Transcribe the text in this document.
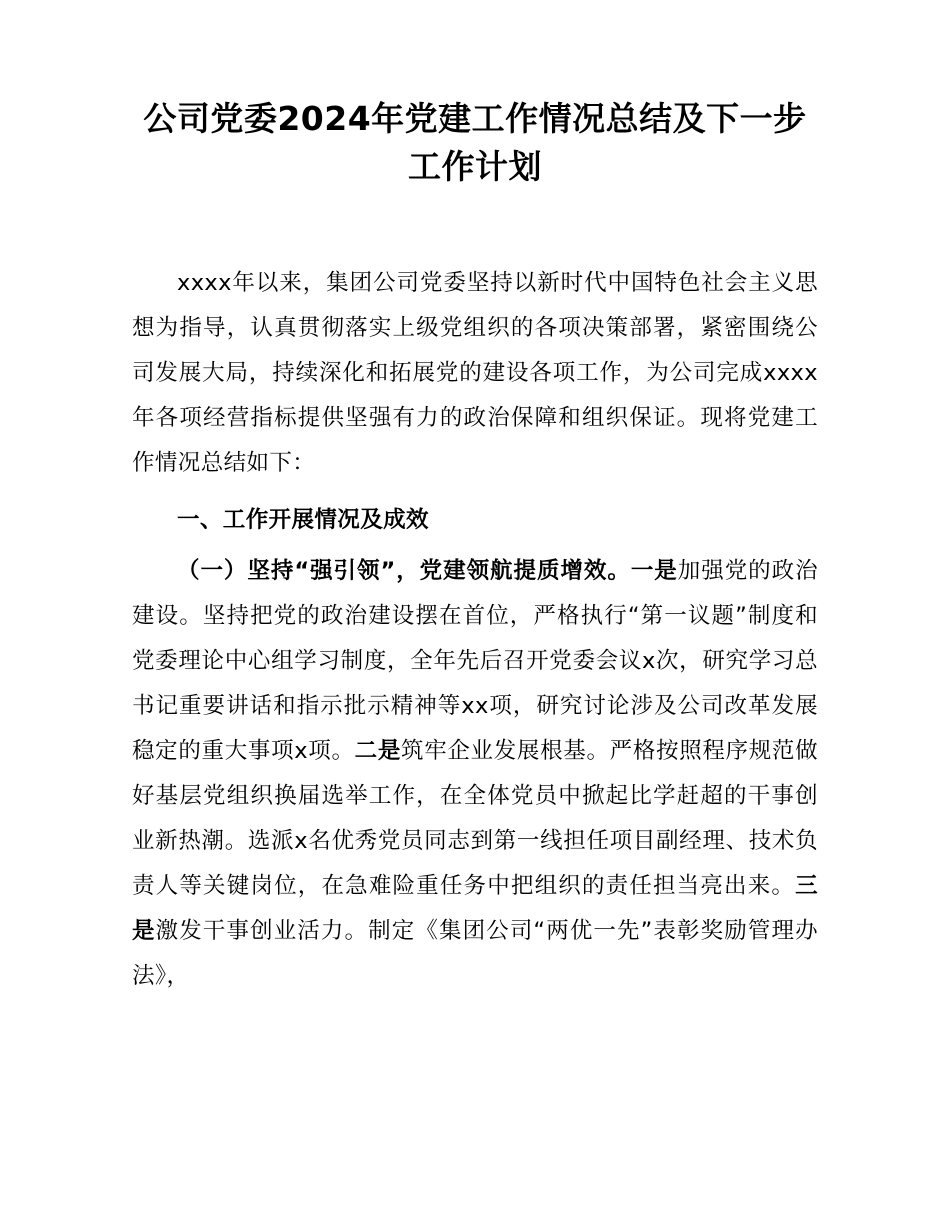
公司党委2024年党建工作情况总结及下一步工作计划

xxxx年以来，集团公司党委坚持以新时代中国特色社会主义思想为指导，认真贯彻落实上级党组织的各项决策部署，紧密围绕公司发展大局，持续深化和拓展党的建设各项工作，为公司完成xxxx年各项经营指标提供坚强有力的政治保障和组织保证。现将党建工作情况总结如下：

一、工作开展情况及成效

（一）坚持“强引领”，党建领航提质增效。一是加强党的政治建设。坚持把党的政治建设摆在首位，严格执行“第一议题”制度和党委理论中心组学习制度，全年先后召开党委会议x次，研究学习总书记重要讲话和指示批示精神等xx项，研究讨论涉及公司改革发展稳定的重大事项x项。二是筑牢企业发展根基。严格按照程序规范做好基层党组织换届选举工作，在全体党员中掀起比学赶超的干事创业新热潮。选派x名优秀党员同志到第一线担任项目副经理、技术负责人等关键岗位，在急难险重任务中把组织的责任担当亮出来。三是激发干事创业活力。制定《集团公司“两优一先”表彰奖励管理办法》，
